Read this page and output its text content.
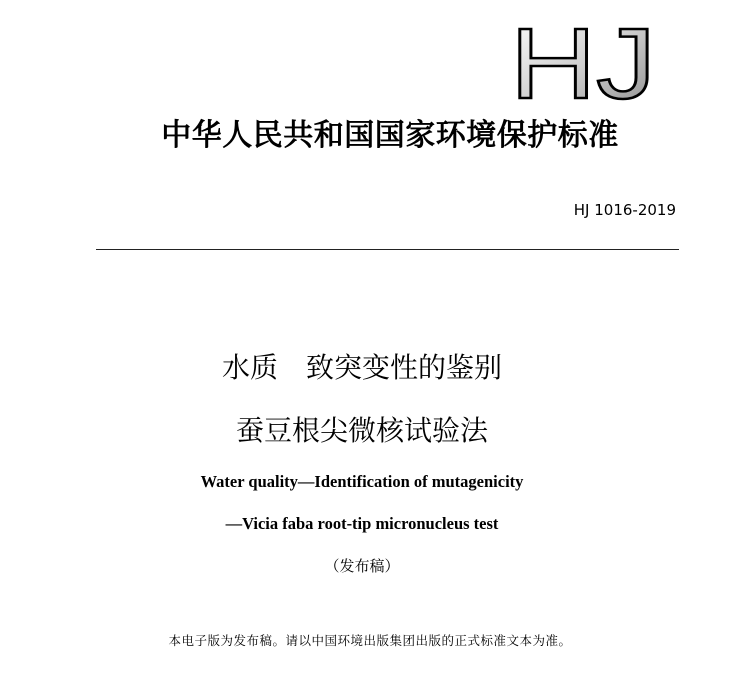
HJ
中华人民共和国国家环境保护标准
HJ 1016-2019
水质　致突变性的鉴别
蚕豆根尖微核试验法
Water quality—Identification of mutagenicity
—Vicia faba root-tip micronucleus test
（发布稿）
本电子版为发布稿。请以中国环境出版集团出版的正式标准文本为准。
